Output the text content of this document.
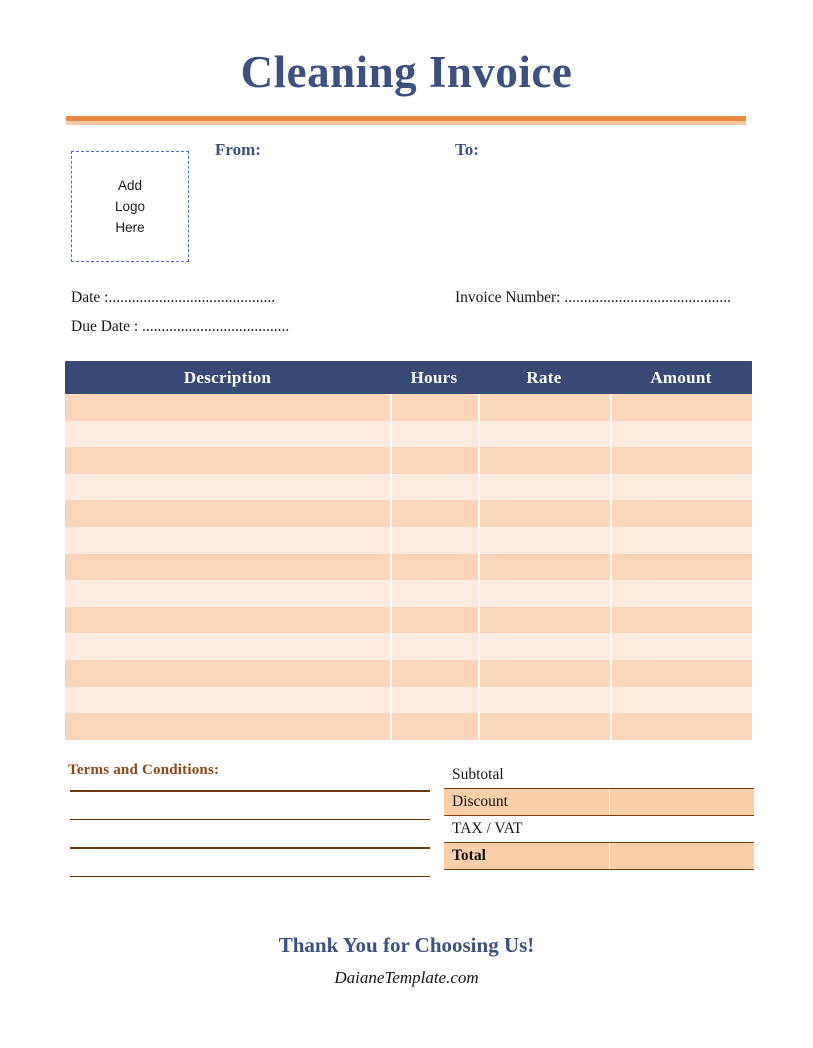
Cleaning Invoice
Add
Logo
Here
From:	To:
Date :...........................................
Due Date : ......................................
Invoice Number: ...........................................
Description	Hours	Rate	Amount
Terms and Conditions:	Subtotal
Discount
TAX / VAT
Total
Thank You for Choosing Us!
DaianeTemplate.com
